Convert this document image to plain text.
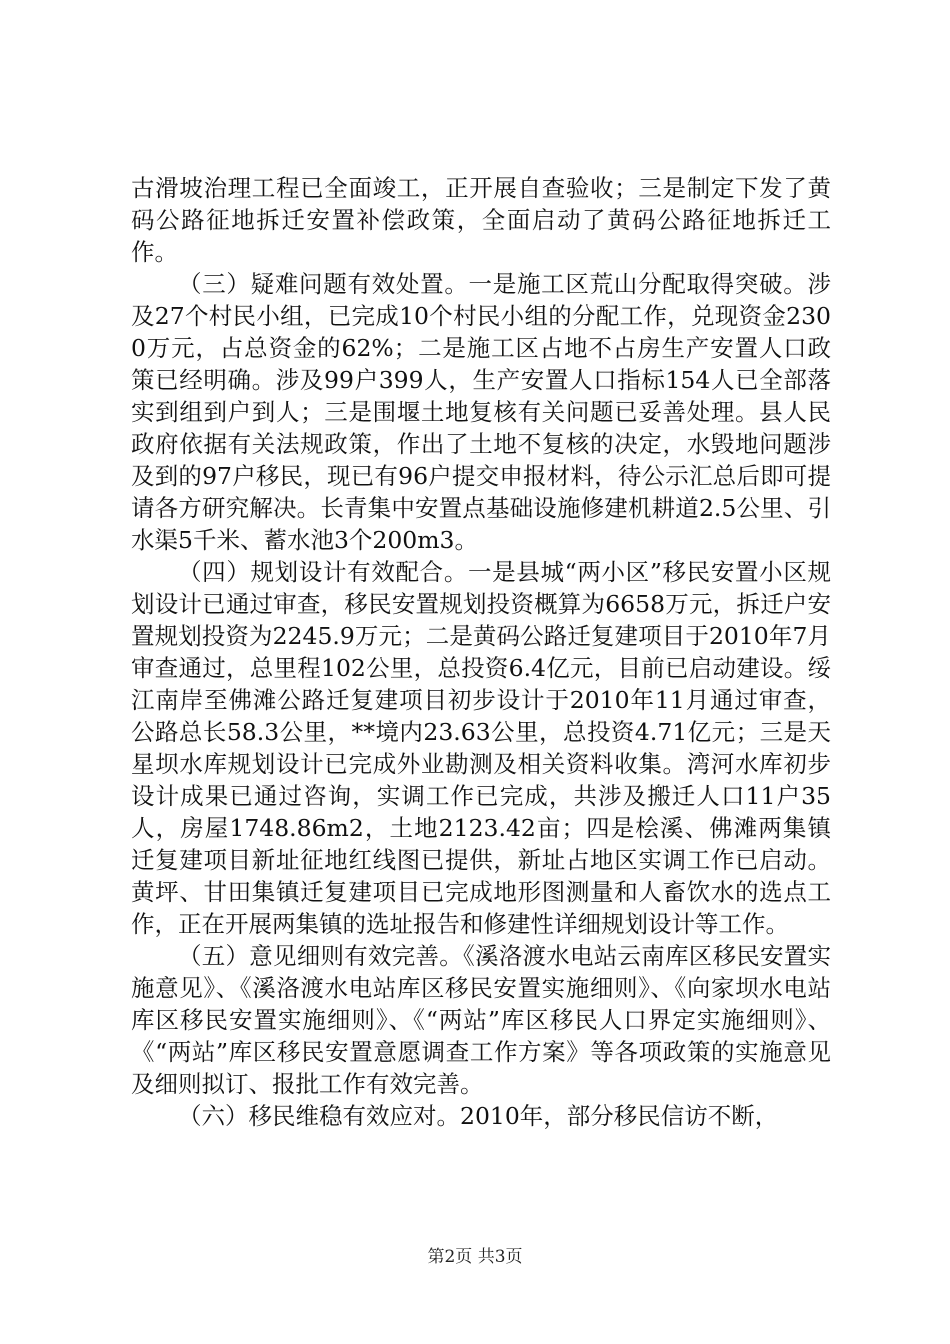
古滑坡治理工程已全面竣工，正开展自查验收；三是制定下发了黄码公路征地拆迁安置补偿政策，全面启动了黄码公路征地拆迁工作。

（三）疑难问题有效处置。一是施工区荒山分配取得突破。涉及27个村民小组，已完成10个村民小组的分配工作，兑现资金2300万元，占总资金的62%；二是施工区占地不占房生产安置人口政策已经明确。涉及99户399人，生产安置人口指标154人已全部落实到组到户到人；三是围堰土地复核有关问题已妥善处理。县人民政府依据有关法规政策，作出了土地不复核的决定，水毁地问题涉及到的97户移民，现已有96户提交申报材料，待公示汇总后即可提请各方研究解决。长青集中安置点基础设施修建机耕道2.5公里、引水渠5千米、蓄水池3个200m3。

（四）规划设计有效配合。一是县城“两小区”移民安置小区规划设计已通过审查，移民安置规划投资概算为6658万元，拆迁户安置规划投资为2245.9万元；二是黄码公路迁复建项目于2010年7月审查通过，总里程102公里，总投资6.4亿元，目前已启动建设。绥江南岸至佛滩公路迁复建项目初步设计于2010年11月通过审查，公路总长58.3公里，**境内23.63公里，总投资4.71亿元；三是天星坝水库规划设计已完成外业勘测及相关资料收集。湾河水库初步设计成果已通过咨询，实调工作已完成，共涉及搬迁人口11户35人，房屋1748.86m2，土地2123.42亩；四是桧溪、佛滩两集镇迁复建项目新址征地红线图已提供，新址占地区实调工作已启动。黄坪、甘田集镇迁复建项目已完成地形图测量和人畜饮水的选点工作，正在开展两集镇的选址报告和修建性详细规划设计等工作。

（五）意见细则有效完善。《溪洛渡水电站云南库区移民安置实施意见》、《溪洛渡水电站库区移民安置实施细则》、《向家坝水电站库区移民安置实施细则》、《“两站”库区移民人口界定实施细则》、《“两站”库区移民安置意愿调查工作方案》等各项政策的实施意见及细则拟订、报批工作有效完善。

（六）移民维稳有效应对。2010年，部分移民信访不断，

第2页 共3页
